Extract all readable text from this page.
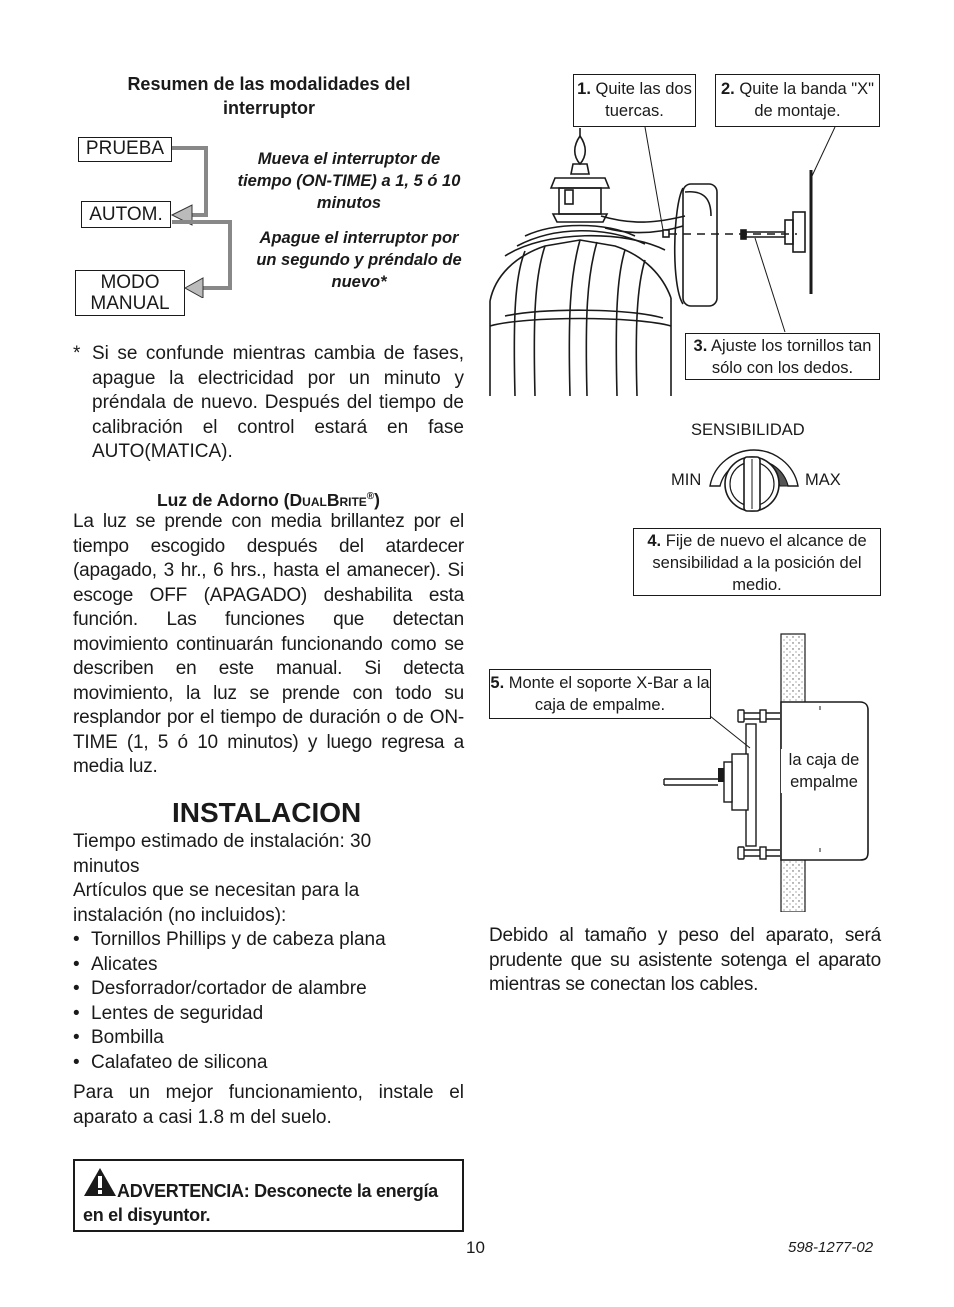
Resumen de las modalidades del interruptor
PRUEBA
AUTOM.
MODO
MANUAL
Mueva el interruptor de tiempo (ON-TIME) a 1, 5 ó 10 minutos
Apague el interruptor por un segundo y préndalo de nuevo*
* Si se confunde mientras cambia de fases, apague la electricidad por un minuto y préndala de nuevo. Después del tiempo de calibración el control estará en fase AUTO(MATICA).
Luz de Adorno (DualBrite®)
La luz se prende con media brillantez por el tiempo escogido después del atardecer (apagado, 3 hr., 6 hrs., hasta el amanecer). Si escoge OFF (APAGADO) deshabilita esta función. Las funciones que detectan movimiento continuarán funcionando como se describen en este manual. Si detecta movimiento, la luz se prende con todo su resplandor por el tiempo de duración o de ON-TIME (1, 5 ó 10 minutos) y luego regresa a media luz.
INSTALACION
Tiempo estimado de instalación: 30 minutos
Artículos que se necesitan para la instalación (no incluidos):
• Tornillos Phillips y de cabeza plana
• Alicates
• Desforrador/cortador de alambre
• Lentes de seguridad
• Bombilla
• Calafateo de silicona
Para un mejor funcionamiento, instale el aparato a casi 1.8 m del suelo.
ADVERTENCIA: Desconecte la energía en el disyuntor.
1. Quite las dos tuercas.
2. Quite la banda "X" de montaje.
3. Ajuste los tornillos tan sólo con los dedos.
SENSIBILIDAD
MIN	MAX
4. Fije de nuevo el alcance de sensibilidad a la posición del medio.
5. Monte el soporte X-Bar a la caja de empalme.
la caja de empalme
Debido al tamaño y peso del aparato, será prudente que su asistente sotenga el aparato mientras se conectan los cables.
10	598-1277-02
